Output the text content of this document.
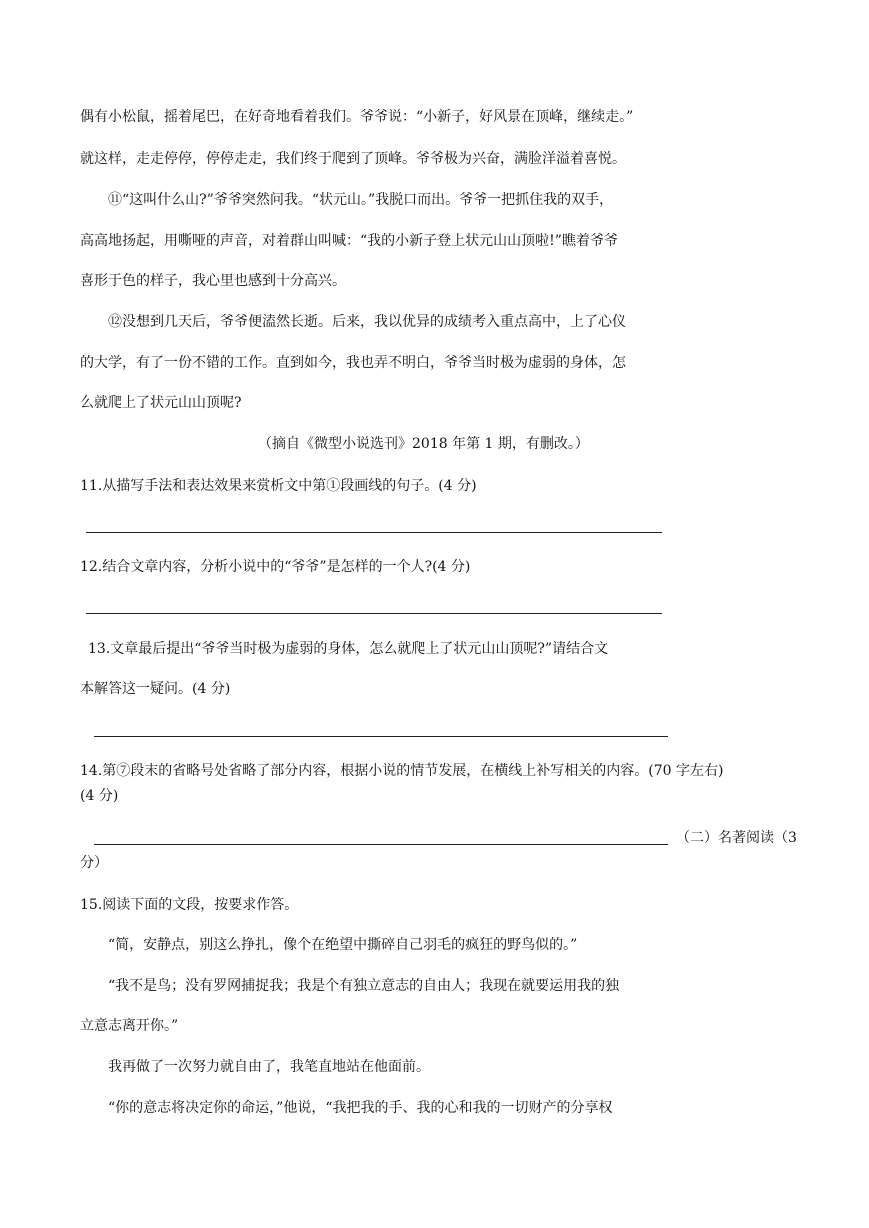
偶有小松鼠，摇着尾巴，在好奇地看着我们。爷爷说：“小新子，好风景在顶峰，继续走。”
就这样，走走停停，停停走走，我们终于爬到了顶峰。爷爷极为兴奋，满脸洋溢着喜悦。
⑪“这叫什么山?”爷爷突然问我。“状元山。”我脱口而出。爷爷一把抓住我的双手，
高高地扬起，用嘶哑的声音，对着群山叫喊：“我的小新子登上状元山山顶啦!”瞧着爷爷
喜形于色的样子，我心里也感到十分高兴。
⑫没想到几天后，爷爷便溘然长逝。后来，我以优异的成绩考入重点高中，上了心仪
的大学，有了一份不错的工作。直到如今，我也弄不明白，爷爷当时极为虚弱的身体，怎
么就爬上了状元山山顶呢?
（摘自《微型小说选刊》2018 年第 1 期，有删改。）
11.从描写手法和表达效果来赏析文中第①段画线的句子。(4 分)
12.结合文章内容，分析小说中的“爷爷”是怎样的一个人?(4 分)
13.文章最后提出“爷爷当时极为虚弱的身体，怎么就爬上了状元山山顶呢?”请结合文
本解答这一疑问。(4 分)
14.第⑦段末的省略号处省略了部分内容，根据小说的情节发展，在横线上补写相关的内容。(70 字左右)
(4 分)
（二）名著阅读（3
分）
15.阅读下面的文段，按要求作答。
“简，安静点，别这么挣扎，像个在绝望中撕碎自己羽毛的疯狂的野鸟似的。”
“我不是鸟；没有罗网捕捉我；我是个有独立意志的自由人；我现在就要运用我的独
立意志离开你。”
我再做了一次努力就自由了，我笔直地站在他面前。
“你的意志将决定你的命运，”他说，“我把我的手、我的心和我的一切财产的分享权
